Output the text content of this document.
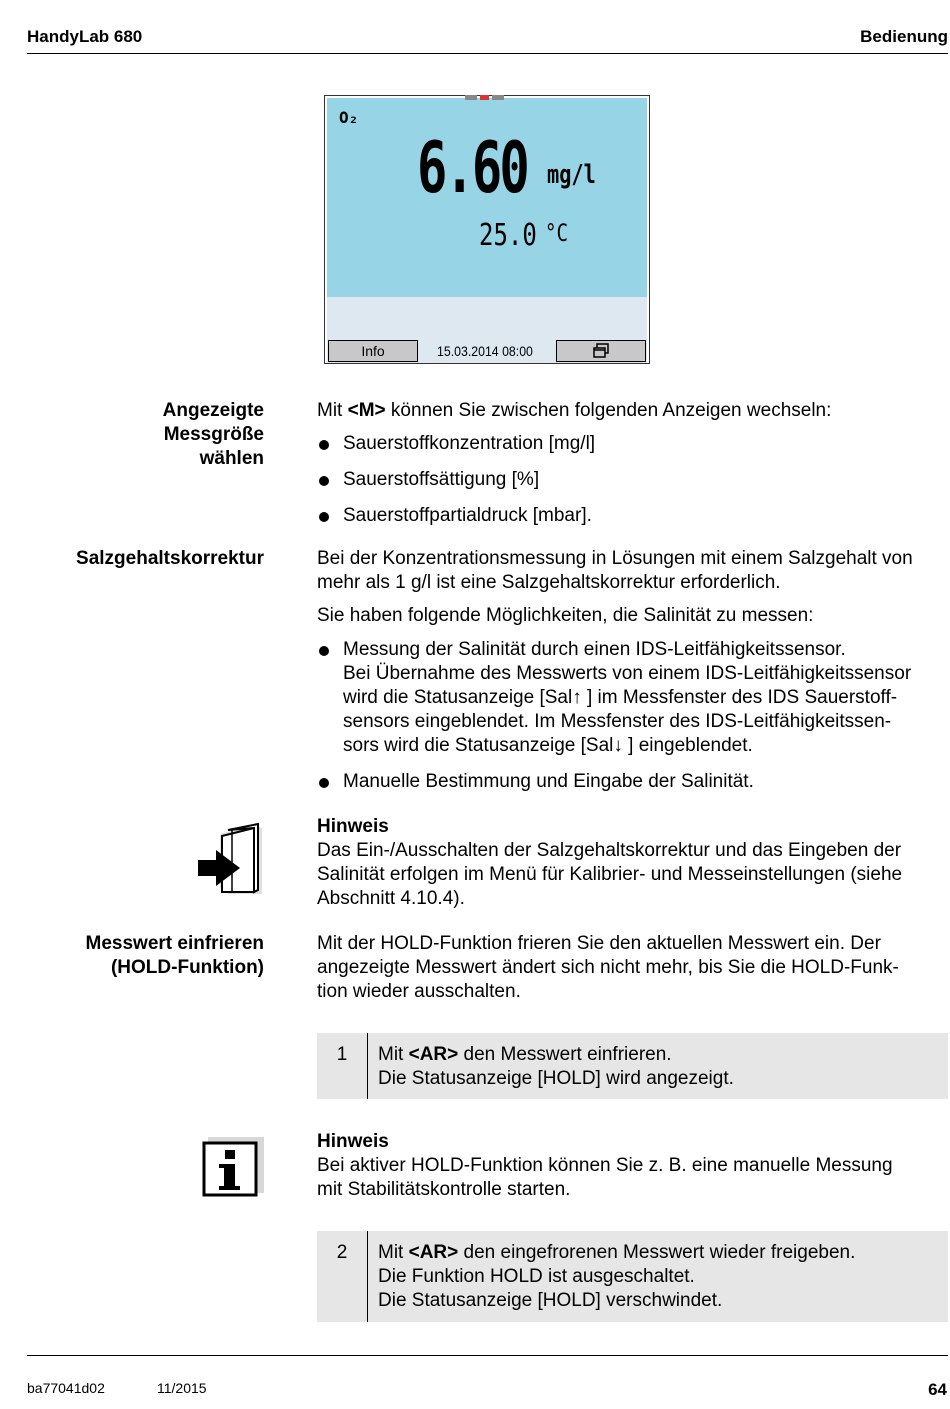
HandyLab 680	Bedienung
O₂
6.60 mg/l
25.0 °C
Info	15.03.2014 08:00
Angezeigte
Messgröße
wählen
Mit <M> können Sie zwischen folgenden Anzeigen wechseln:
Sauerstoffkonzentration [mg/l]
Sauerstoffsättigung [%]
Sauerstoffpartialdruck [mbar].
Salzgehaltskorrektur	Bei der Konzentrationsmessung in Lösungen mit einem Salzgehalt von
mehr als 1 g/l ist eine Salzgehaltskorrektur erforderlich.
Sie haben folgende Möglichkeiten, die Salinität zu messen:
Messung der Salinität durch einen IDS-Leitfähigkeitssensor.
Bei Übernahme des Messwerts von einem IDS-Leitfähigkeitssensor
wird die Statusanzeige [Sal↑ ] im Messfenster des IDS Sauerstoff-
sensors eingeblendet. Im Messfenster des IDS-Leitfähigkeitssen-
sors wird die Statusanzeige [Sal↓ ] eingeblendet.
Manuelle Bestimmung und Eingabe der Salinität.
Hinweis
Das Ein-/Ausschalten der Salzgehaltskorrektur und das Eingeben der
Salinität erfolgen im Menü für Kalibrier- und Messeinstellungen (siehe
Abschnitt 4.10.4).
Messwert einfrieren
(HOLD-Funktion)
Mit der HOLD-Funktion frieren Sie den aktuellen Messwert ein. Der
angezeigte Messwert ändert sich nicht mehr, bis Sie die HOLD-Funk-
tion wieder ausschalten.
1	Mit <AR> den Messwert einfrieren.
Die Statusanzeige [HOLD] wird angezeigt.
Hinweis
Bei aktiver HOLD-Funktion können Sie z. B. eine manuelle Messung
mit Stabilitätskontrolle starten.
2	Mit <AR> den eingefrorenen Messwert wieder freigeben.
Die Funktion HOLD ist ausgeschaltet.
Die Statusanzeige [HOLD] verschwindet.
ba77041d02	11/2015	64
